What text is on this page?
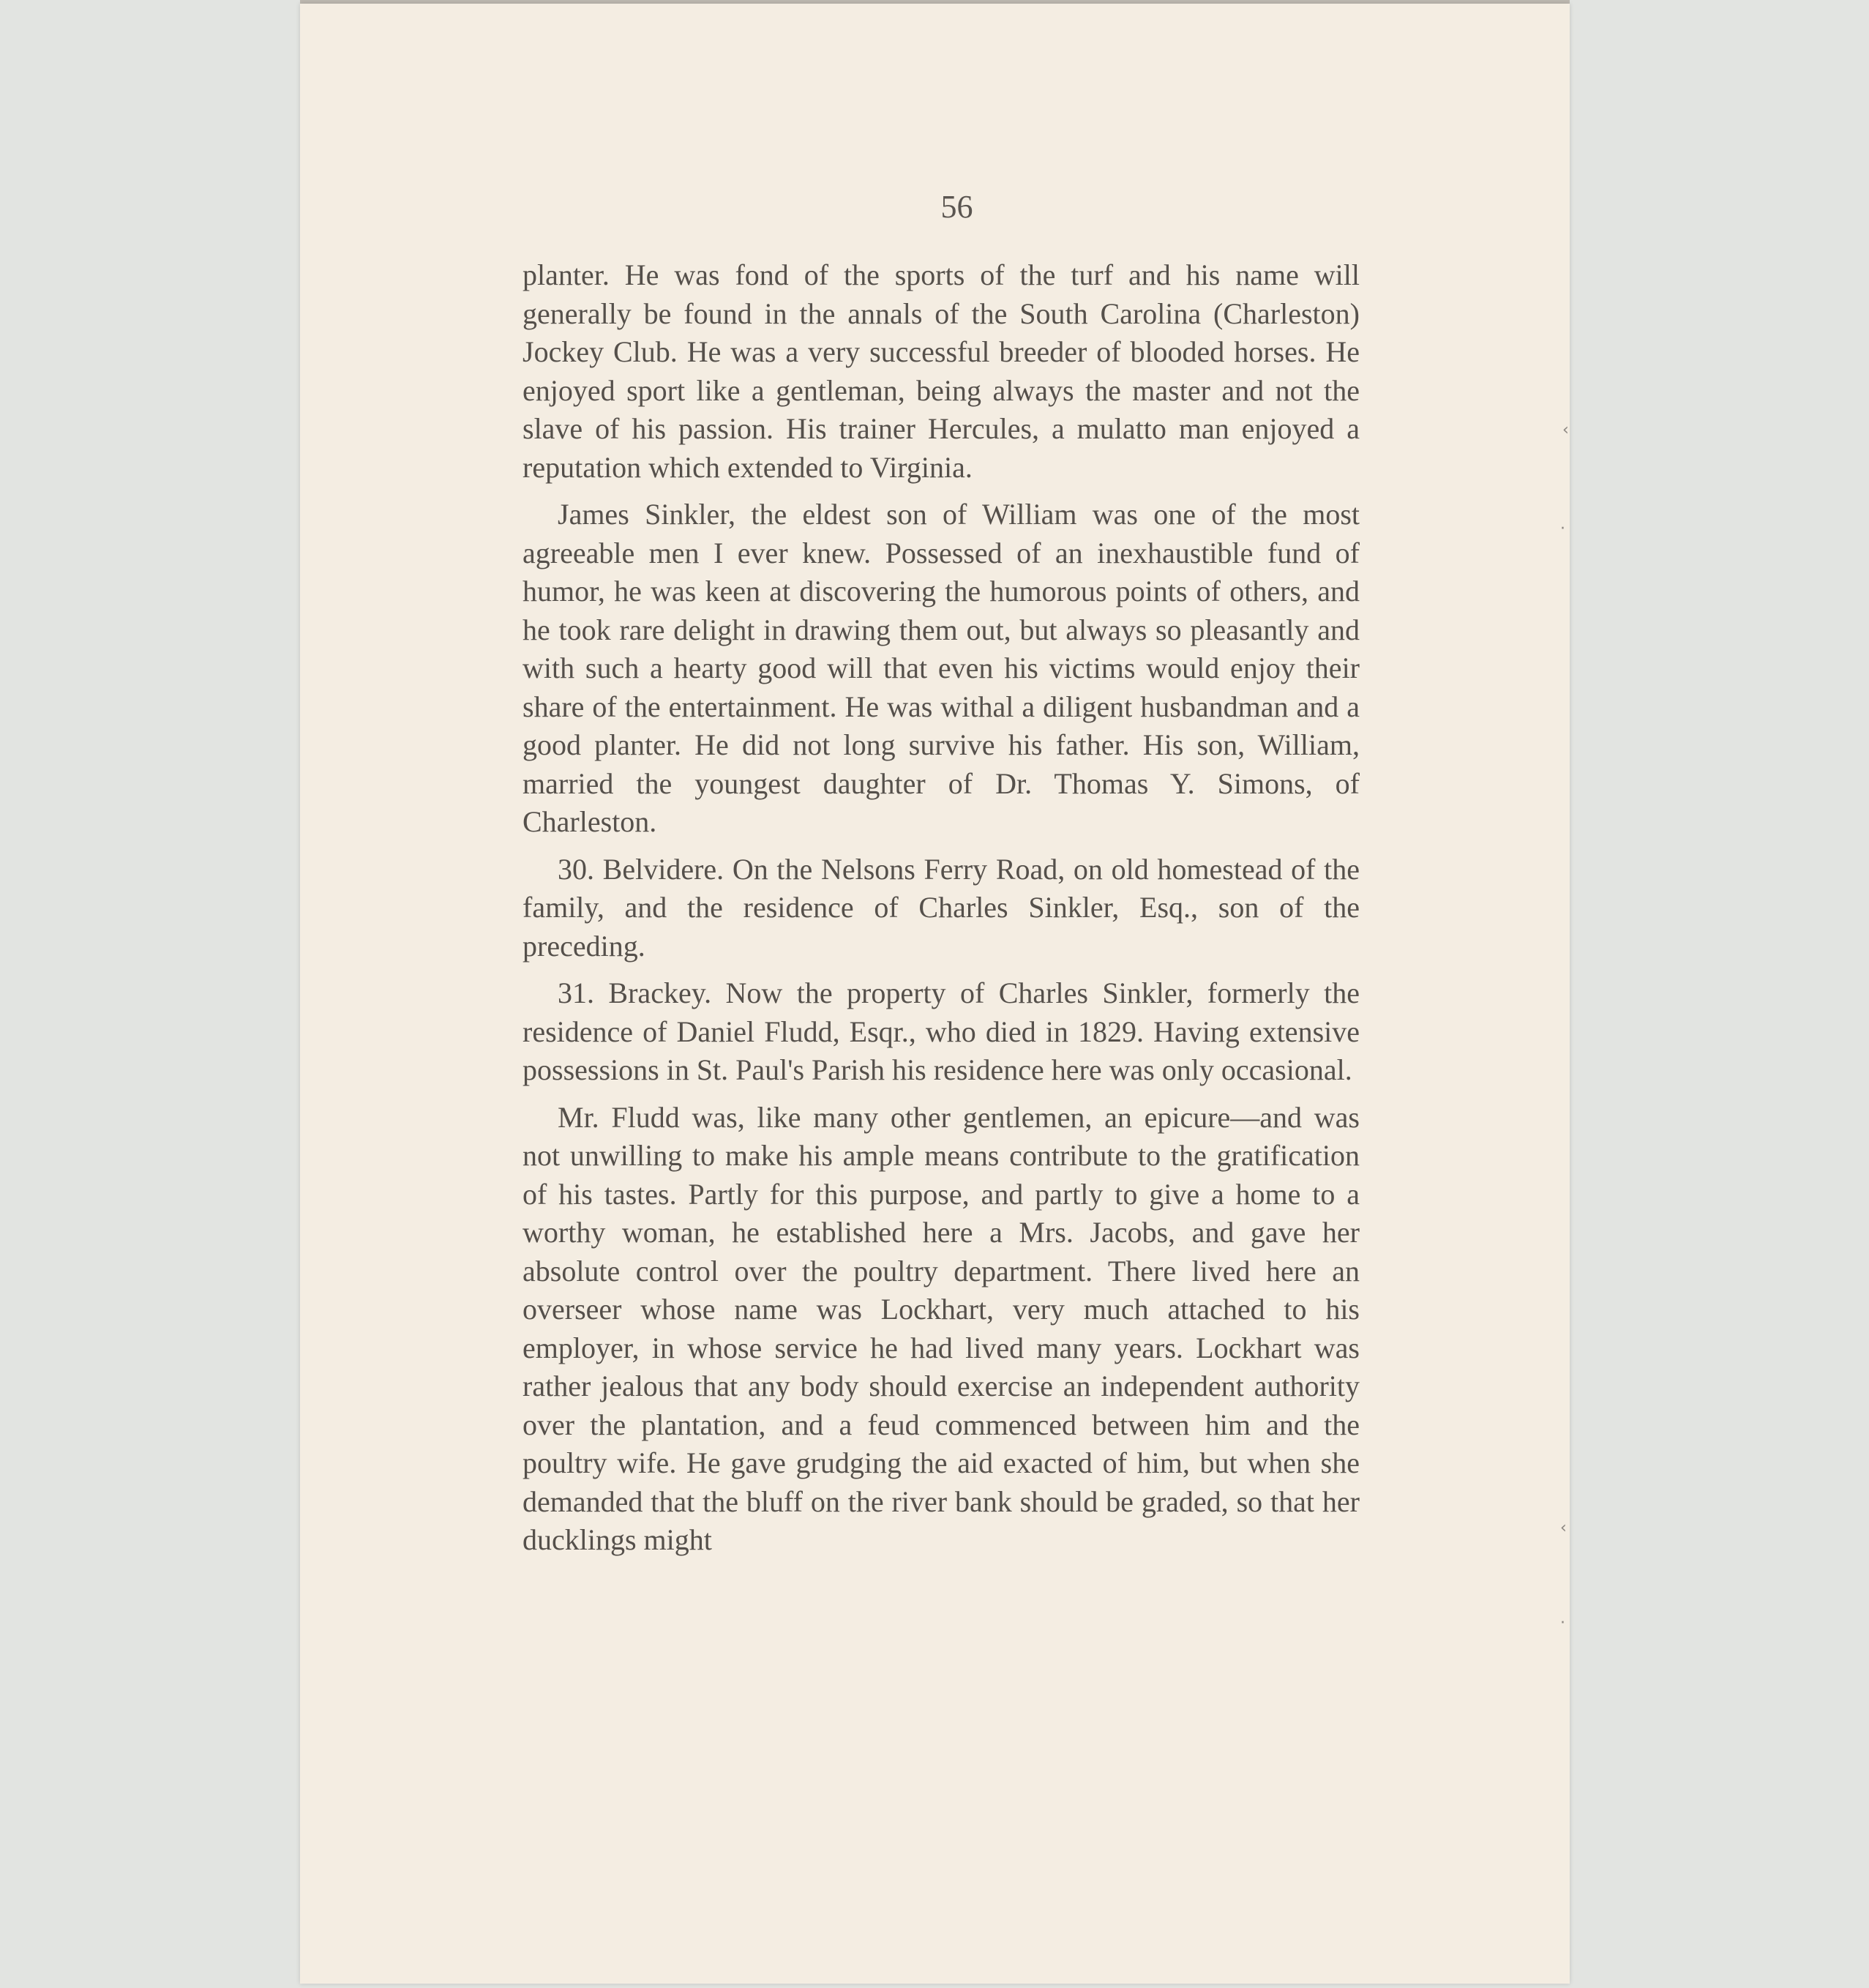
56

planter. He was fond of the sports of the turf and his name will generally be found in the annals of the South Carolina (Charleston) Jockey Club. He was a very successful breeder of blooded horses. He enjoyed sport like a gentleman, being always the master and not the slave of his passion. His trainer Hercules, a mulatto man enjoyed a reputation which extended to Virginia.

James Sinkler, the eldest son of William was one of the most agreeable men I ever knew. Possessed of an inexhaustible fund of humor, he was keen at discovering the humorous points of others, and he took rare delight in drawing them out, but always so pleasantly and with such a hearty good will that even his victims would enjoy their share of the entertainment. He was withal a diligent husbandman and a good planter. He did not long survive his father. His son, William, married the youngest daughter of Dr. Thomas Y. Simons, of Charleston.

30. Belvidere. On the Nelsons Ferry Road, on old homestead of the family, and the residence of Charles Sinkler, Esq., son of the preceding.

31. Brackey. Now the property of Charles Sinkler, formerly the residence of Daniel Fludd, Esqr., who died in 1829. Having extensive possessions in St. Paul's Parish his residence here was only occasional.

Mr. Fludd was, like many other gentlemen, an epicure—and was not unwilling to make his ample means contribute to the gratification of his tastes. Partly for this purpose, and partly to give a home to a worthy woman, he established here a Mrs. Jacobs, and gave her absolute control over the poultry department. There lived here an overseer whose name was Lockhart, very much attached to his employer, in whose service he had lived many years. Lockhart was rather jealous that any body should exercise an independent authority over the plantation, and a feud commenced between him and the poultry wife. He gave grudging the aid exacted of him, but when she demanded that the bluff on the river bank should be graded, so that her ducklings might

‹
·
‹
·
